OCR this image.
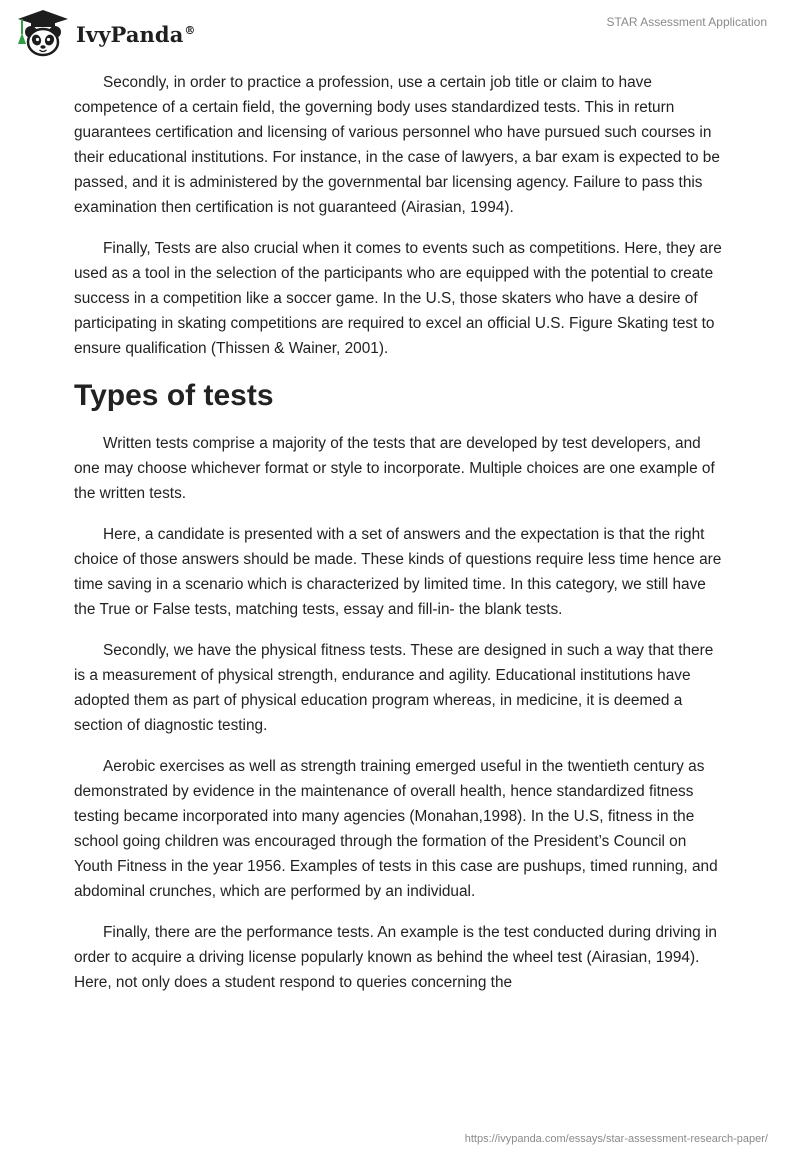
IvyPanda®
STAR Assessment Application

Secondly, in order to practice a profession, use a certain job title or claim to have competence of a certain field, the governing body uses standardized tests. This in return guarantees certification and licensing of various personnel who have pursued such courses in their educational institutions. For instance, in the case of lawyers, a bar exam is expected to be passed, and it is administered by the governmental bar licensing agency. Failure to pass this examination then certification is not guaranteed (Airasian, 1994).

Finally, Tests are also crucial when it comes to events such as competitions. Here, they are used as a tool in the selection of the participants who are equipped with the potential to create success in a competition like a soccer game. In the U.S, those skaters who have a desire of participating in skating competitions are required to excel an official U.S. Figure Skating test to ensure qualification (Thissen & Wainer, 2001).

Types of tests

Written tests comprise a majority of the tests that are developed by test developers, and one may choose whichever format or style to incorporate. Multiple choices are one example of the written tests.

Here, a candidate is presented with a set of answers and the expectation is that the right choice of those answers should be made. These kinds of questions require less time hence are time saving in a scenario which is characterized by limited time. In this category, we still have the True or False tests, matching tests, essay and fill-in- the blank tests.

Secondly, we have the physical fitness tests. These are designed in such a way that there is a measurement of physical strength, endurance and agility. Educational institutions have adopted them as part of physical education program whereas, in medicine, it is deemed a section of diagnostic testing.

Aerobic exercises as well as strength training emerged useful in the twentieth century as demonstrated by evidence in the maintenance of overall health, hence standardized fitness testing became incorporated into many agencies (Monahan,1998). In the U.S, fitness in the school going children was encouraged through the formation of the President’s Council on Youth Fitness in the year 1956. Examples of tests in this case are pushups, timed running, and abdominal crunches, which are performed by an individual.

Finally, there are the performance tests. An example is the test conducted during driving in order to acquire a driving license popularly known as behind the wheel test (Airasian, 1994). Here, not only does a student respond to queries concerning the

https://ivypanda.com/essays/star-assessment-research-paper/
